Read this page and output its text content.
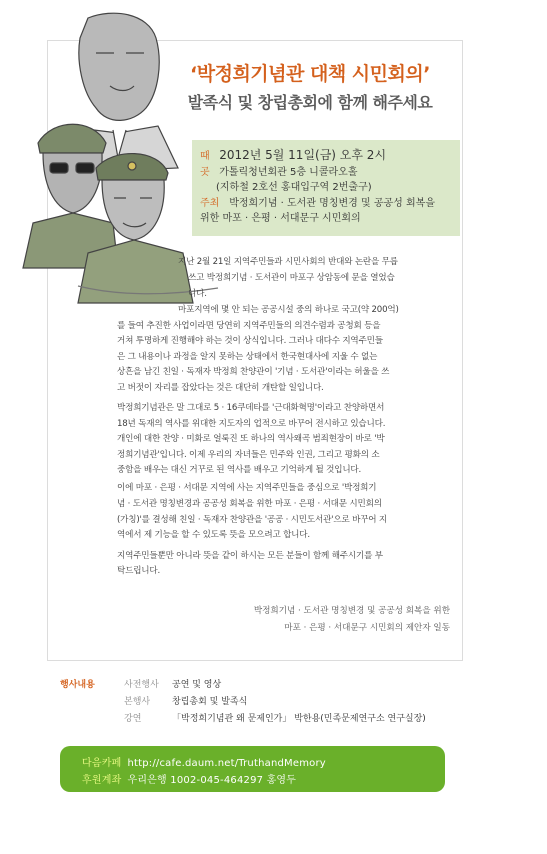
‘박정희기념관 대책 시민회의’
발족식 및 창립총회에 함께 해주세요
때 2012년 5월 11일(금) 오후 2시
곳 가톨릭청년회관 5층 니콜라오홀
(지하철 2호선 홍대입구역 2번출구)
주최 박정희기념 · 도서관 명칭변경 및 공공성 회복을
위한 마포 · 은평 · 서대문구 시민회의
지난 2월 21일 지역주민들과 시민사회의 반대와 논란을 무릅
쓰고 박정희기념 · 도서관이 마포구 상암동에 문을 열었습
니다.
마포지역에 몇 안 되는 공공시설 중의 하나로 국고(약 200억)
를 들여 추진한 사업이라면 당연히 지역주민들의 의견수렴과 공청회 등을
거쳐 투명하게 진행해야 하는 것이 상식입니다. 그러나 대다수 지역주민들
은 그 내용이나 과정을 알지 못하는 상태에서 한국현대사에 지울 수 없는
상흔을 남긴 친일 · 독재자 박정희 찬양관이 '기념 · 도서관'이라는 허울을 쓰
고 버젓이 자리를 잡았다는 것은 대단히 개탄할 일입니다.
박정희기념관은 말 그대로 5 · 16쿠데타를 '근대화혁명'이라고 찬양하면서
18년 독재의 역사를 위대한 지도자의 업적으로 바꾸어 전시하고 있습니다.
개인에 대한 찬양 · 미화로 얼룩진 또 하나의 역사왜곡 범죄현장이 바로 '박
정희기념관'입니다. 이제 우리의 자녀들은 민주와 인권, 그리고 평화의 소
중함을 배우는 대신 거꾸로 된 역사를 배우고 기억하게 될 것입니다.
이에 마포 · 은평 · 서대문 지역에 사는 지역주민들을 중심으로 '박정희기
념 · 도서관 명칭변경과 공공성 회복을 위한 마포 · 은평 · 서대문 시민회의
(가칭)'를 결성해 친일 · 독재자 찬양관을 '공공 · 시민도서관'으로 바꾸어 지
역에서 제 기능을 할 수 있도록 뜻을 모으려고 합니다.
지역주민들뿐만 아니라 뜻을 같이 하시는 모든 분들이 함께 해주시기를 부
탁드립니다.
박정희기념 · 도서관 명칭변경 및 공공성 회복을 위한
마포 · 은평 · 서대문구 시민회의 제안자 일동
행사내용	사전행사 공연 및 영상
본행사 창립총회 및 발족식
강연	「박정희기념관 왜 문제인가」 박한용(민족문제연구소 연구실장)
다음카페 http://cafe.daum.net/TruthandMemory
후원계좌 우리은행 1002-045-464297 홍영두
